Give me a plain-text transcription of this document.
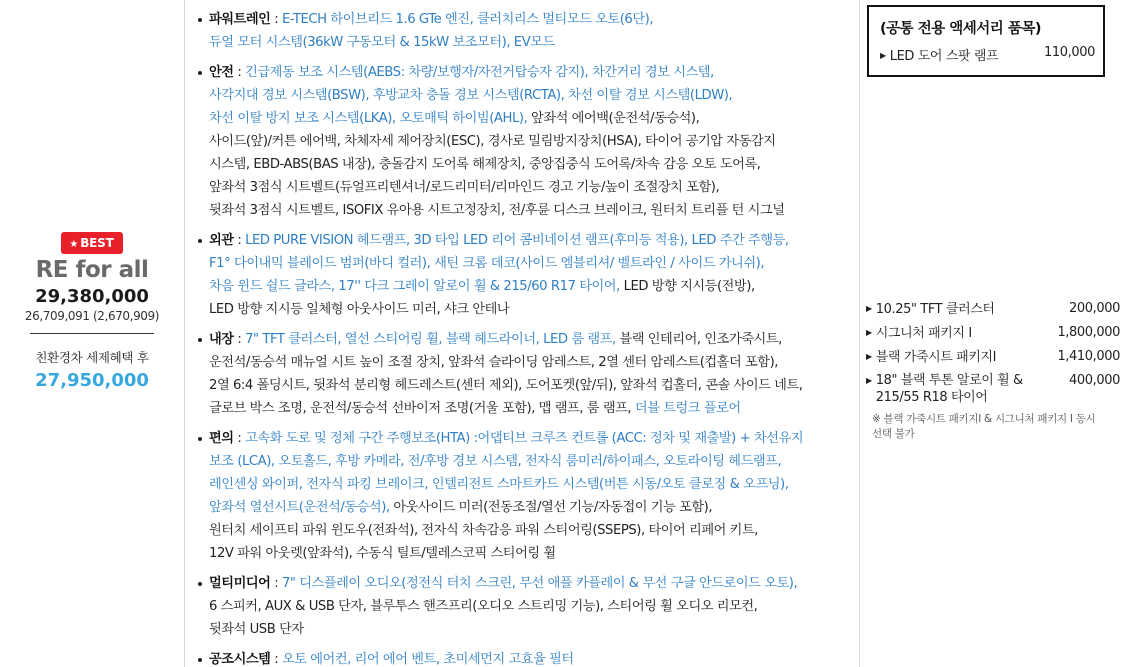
★ BEST
RE for all
29,380,000
26,709,091 (2,670,909)
친환경차 세제혜택 후
27,950,000
파워트레인 : E-TECH 하이브리드 1.6 GTe 엔진, 클러치리스 멀티모드 오토(6단),
듀얼 모터 시스템(36kW 구동모터 & 15kW 보조모터), EV모드
안전 : 긴급제동 보조 시스템(AEBS: 차량/보행자/자전거탑승자 감지), 차간거리 경보 시스템,
사각지대 경보 시스템(BSW), 후방교차 충돌 경보 시스템(RCTA), 차선 이탈 경보 시스템(LDW),
차선 이탈 방지 보조 시스템(LKA), 오토매틱 하이빔(AHL), 앞좌석 에어백(운전석/동승석),
사이드(앞)/커튼 에어백, 차체자세 제어장치(ESC), 경사로 밀림방지장치(HSA), 타이어 공기압 자동감지
시스템, EBD-ABS(BAS 내장), 충돌감지 도어록 해제장치, 중앙집중식 도어록/차속 감응 오토 도어록,
앞좌석 3점식 시트벨트(듀얼프리텐셔너/로드리미터/리마인드 경고 기능/높이 조절장치 포함),
뒷좌석 3점식 시트벨트, ISOFIX 유아용 시트고정장치, 전/후륜 디스크 브레이크, 원터치 트리플 턴 시그널
외관 : LED PURE VISION 헤드램프, 3D 타입 LED 리어 콤비네이션 램프(후미등 적용), LED 주간 주행등,
F1° 다이내믹 블레이드 범퍼(바디 컬러), 새틴 크롬 데코(사이드 엠블리셔/ 벨트라인 / 사이드 가니쉬),
차음 윈드 쉴드 글라스, 17'' 다크 그레이 알로이 휠 & 215/60 R17 타이어, LED 방향 지시등(전방),
LED 방향 지시등 일체형 아웃사이드 미러, 샤크 안테나
내장 : 7" TFT 클러스터, 열선 스티어링 휠, 블랙 헤드라이너, LED 룸 램프, 블랙 인테리어, 인조가죽시트,
운전석/동승석 매뉴얼 시트 높이 조절 장치, 앞좌석 슬라이딩 암레스트, 2열 센터 암레스트(컵홀더 포함),
2열 6:4 폴딩시트, 뒷좌석 분리형 헤드레스트(센터 제외), 도어포켓(앞/뒤), 앞좌석 컵홀더, 콘솔 사이드 네트,
글로브 박스 조명, 운전석/동승석 선바이저 조명(거울 포함), 맵 램프, 룸 램프, 더블 트렁크 플로어
편의 : 고속화 도로 및 정체 구간 주행보조(HTA) :어댑티브 크루즈 컨트롤 (ACC: 정차 및 재출발) + 차선유지
보조 (LCA), 오토홀드, 후방 카메라, 전/후방 경보 시스템, 전자식 룸미러/하이패스, 오토라이팅 헤드램프,
레인센싱 와이퍼, 전자식 파킹 브레이크, 인텔리전트 스마트카드 시스템(버튼 시동/오토 클로징 & 오프닝),
앞좌석 열선시트(운전석/동승석), 아웃사이드 미러(전동조절/열선 기능/자동접이 기능 포함),
원터치 세이프티 파워 윈도우(전좌석), 전자식 차속감응 파워 스티어링(SSEPS), 타이어 리페어 키트,
12V 파워 아웃렛(앞좌석), 수동식 틸트/텔레스코픽 스티어링 휠
멀티미디어 : 7" 디스플레이 오디오(정전식 터치 스크린, 무선 애플 카플레이 & 무선 구글 안드로이드 오토),
6 스피커, AUX & USB 단자, 블루투스 핸즈프리(오디오 스트리밍 기능), 스티어링 휠 오디오 리모컨,
뒷좌석 USB 단자
공조시스템 : 오토 에어컨, 리어 에어 벤트, 초미세먼지 고효율 필터
(공통 전용 액세서리 품목)
▶ LED 도어 스팟 램프	110,000
▶ 10.25" TFT 클러스터	200,000
▶ 시그니처 패키지 Ⅰ	1,800,000
▶ 블랙 가죽시트 패키지Ⅰ	1,410,000
▶ 18" 블랙 투톤 알로이 휠 &
215/55 R18 타이어
400,000
※ 블랙 가죽시트 패키지Ⅰ & 시그니처 패키지 Ⅰ 동시
선택 불가
